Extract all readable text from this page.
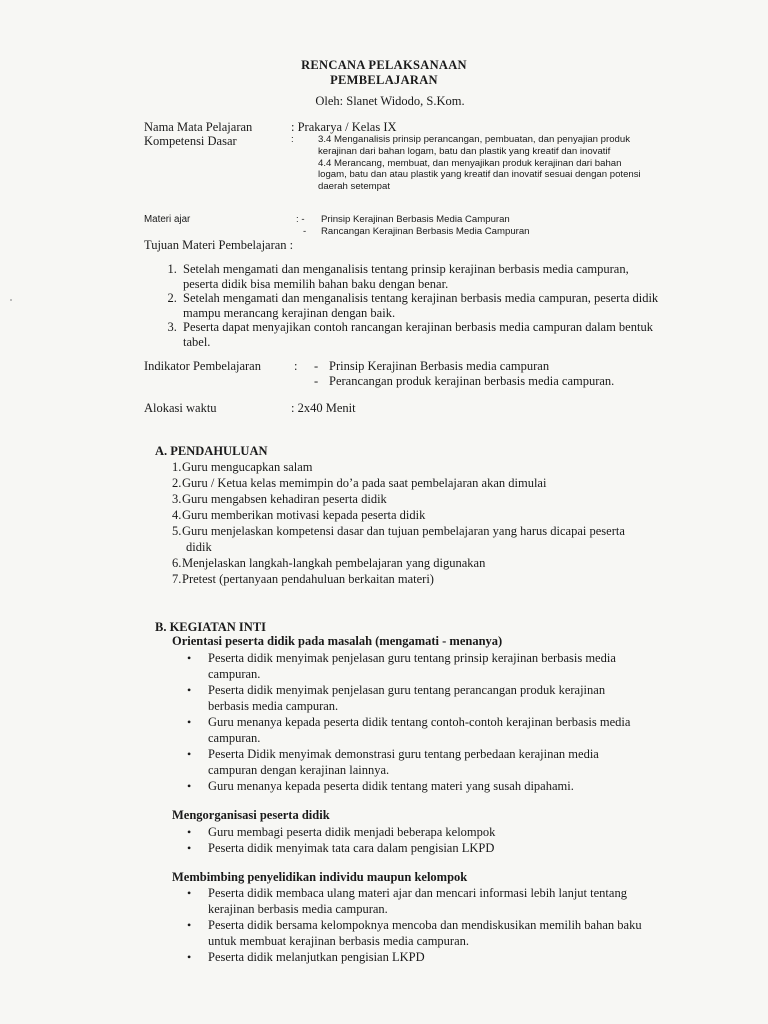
RENCANA PELAKSANAAN
PEMBELAJARAN
Oleh: Slanet Widodo, S.Kom.
Nama Mata Pelajaran	: Prakarya / Kelas IX
Kompetensi Dasar	:	3.4 Menganalisis prinsip perancangan, pembuatan, dan penyajian produk kerajinan dari bahan logam, batu dan plastik yang kreatif dan inovatif
4.4 Merancang, membuat, dan menyajikan produk kerajinan dari bahan logam, batu dan atau plastik yang kreatif dan inovatif sesuai dengan potensi daerah setempat
Materi ajar	: -	Prinsip Kerajinan Berbasis Media Campuran
-	Rancangan Kerajinan Berbasis Media Campuran
Tujuan Materi Pembelajaran :
1. Setelah mengamati dan menganalisis tentang prinsip kerajinan berbasis media campuran, peserta didik bisa memilih bahan baku dengan benar.
2. Setelah mengamati dan menganalisis tentang kerajinan berbasis media campuran, peserta didik mampu merancang kerajinan dengan baik.
3. Peserta dapat menyajikan contoh rancangan kerajinan berbasis media campuran dalam bentuk tabel.
Indikator Pembelajaran	:	- Prinsip Kerajinan Berbasis media campuran
- Perancangan produk kerajinan berbasis media campuran.
Alokasi waktu	: 2x40 Menit
A. PENDAHULUAN
1. Guru mengucapkan salam
2. Guru / Ketua kelas memimpin do’a pada saat pembelajaran akan dimulai
3. Guru mengabsen kehadiran peserta didik
4. Guru memberikan motivasi kepada peserta didik
5. Guru menjelaskan kompetensi dasar dan tujuan pembelajaran yang harus dicapai peserta
didik
6. Menjelaskan langkah-langkah pembelajaran yang digunakan
7. Pretest (pertanyaan pendahuluan berkaitan materi)
B. KEGIATAN INTI
Orientasi peserta didik pada masalah (mengamati - menanya)
• Peserta didik menyimak penjelasan guru tentang prinsip kerajinan berbasis media campuran.
• Peserta didik menyimak penjelasan guru tentang perancangan produk kerajinan berbasis media campuran.
• Guru menanya kepada peserta didik tentang contoh-contoh kerajinan berbasis media campuran.
• Peserta Didik menyimak demonstrasi guru tentang perbedaan kerajinan media campuran dengan kerajinan lainnya.
• Guru menanya kepada peserta didik tentang materi yang susah dipahami.
Mengorganisasi peserta didik
• Guru membagi peserta didik menjadi beberapa kelompok
• Peserta didik menyimak tata cara dalam pengisian LKPD
Membimbing penyelidikan individu maupun kelompok
• Peserta didik membaca ulang materi ajar dan mencari informasi lebih lanjut tentang kerajinan berbasis media campuran.
• Peserta didik bersama kelompoknya mencoba dan mendiskusikan memilih bahan baku untuk membuat kerajinan berbasis media campuran.
• Peserta didik melanjutkan pengisian LKPD
